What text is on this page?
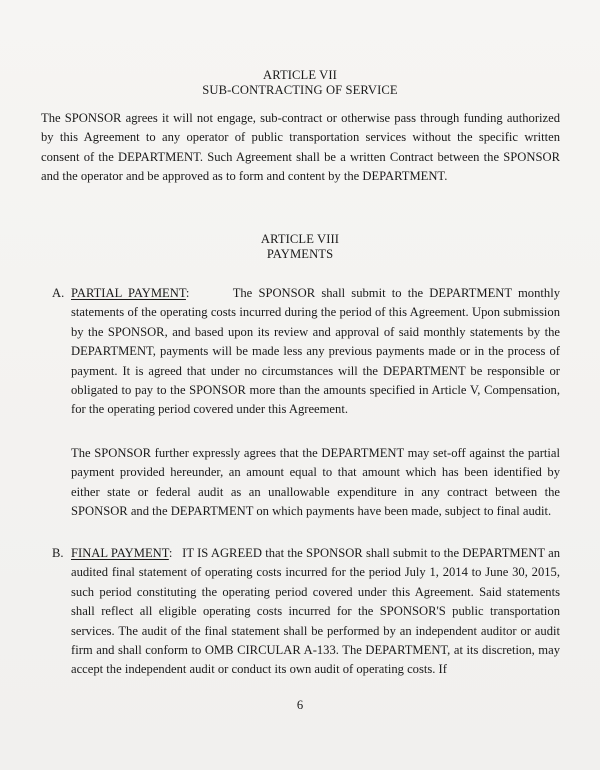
ARTICLE VII
SUB-CONTRACTING OF SERVICE

The SPONSOR agrees it will not engage, sub-contract or otherwise pass through funding authorized by this Agreement to any operator of public transportation services without the specific written consent of the DEPARTMENT. Such Agreement shall be a written Contract between the SPONSOR and the operator and be approved as to form and content by the DEPARTMENT.

ARTICLE VIII
PAYMENTS
A. PARTIAL PAYMENT:	The SPONSOR shall submit to the DEPARTMENT monthly statements of the operating costs incurred during the period of this Agreement. Upon submission by the SPONSOR, and based upon its review and approval of said monthly statements by the DEPARTMENT, payments will be made less any previous payments made or in the process of payment. It is agreed that under no circumstances will the DEPARTMENT be responsible or obligated to pay to the SPONSOR more than the amounts specified in Article V, Compensation, for the operating period covered under this Agreement.

The SPONSOR further expressly agrees that the DEPARTMENT may set-off against the partial payment provided hereunder, an amount equal to that amount which has been identified by either state or federal audit as an unallowable expenditure in any contract between the SPONSOR and the DEPARTMENT on which payments have been made, subject to final audit.

B. FINAL PAYMENT: IT IS AGREED that the SPONSOR shall submit to the DEPARTMENT an audited final statement of operating costs incurred for the period July 1, 2014 to June 30, 2015, such period constituting the operating period covered under this Agreement. Said statements shall reflect all eligible operating costs incurred for the SPONSOR'S public transportation services. The audit of the final statement shall be performed by an independent auditor or audit firm and shall conform to OMB CIRCULAR A-133. The DEPARTMENT, at its discretion, may accept the independent audit or conduct its own audit of operating costs. If

6
